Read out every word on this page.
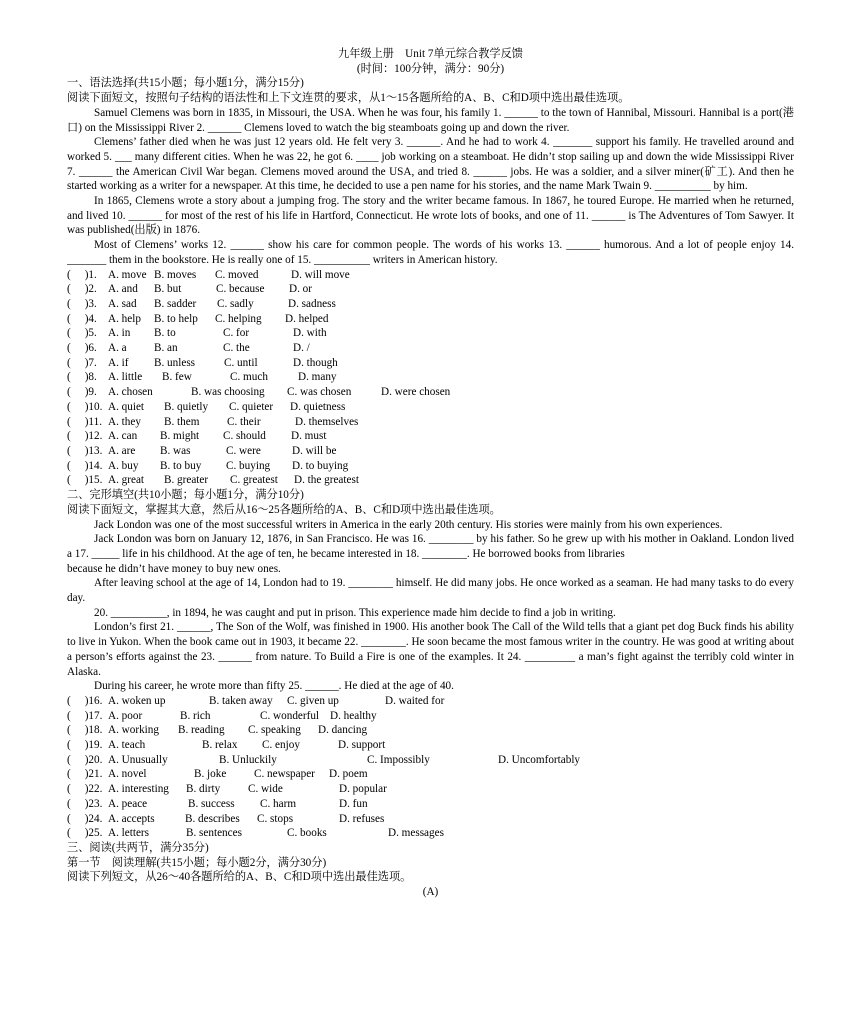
九年级上册　Unit 7单元综合教学反馈
(时间：100分钟，满分：90分)
一、语法选择(共15小题；每小题1分，满分15分)
阅读下面短文，按照句子结构的语法性和上下文连贯的要求，从1～15各题所给的A、B、C和D项中选出最佳选项。
Samuel Clemens was born in 1835, in Missouri, the USA. When he was four, his family 1. ______ to the town of Hannibal, Missouri. Hannibal is a port(港口) on the Mississippi River 2. ______ Clemens loved to watch the big steamboats going up and down the river.
Clemens’ father died when he was just 12 years old. He felt very 3. ______. And he had to work 4. _______ support his family. He travelled around and worked 5. ___ many different cities. When he was 22, he got 6. ____ job working on a steamboat. He didn’t stop sailing up and down the wide Mississippi River 7. ______ the American Civil War began. Clemens moved around the USA, and tried 8. ______ jobs. He was a soldier, and a silver miner(矿工). And then he started working as a writer for a newspaper. At this time, he decided to use a pen name for his stories, and the name Mark Twain 9. __________ by him.
In 1865, Clemens wrote a story about a jumping frog. The story and the writer became famous. In 1867, he toured Europe. He married when he returned, and lived 10. ______ for most of the rest of his life in Hartford, Connecticut. He wrote lots of books, and one of 11. ______ is The Adventures of Tom Sawyer. It was published(出版) in 1876.
Most of Clemens’ works 12. ______ show his care for common people. The words of his works 13. ______ humorous. And a lot of people enjoy 14. _______ them in the bookstore. He is really one of 15. __________ writers in American history.
(　 )1. A. move B. moves	C. moved	D. will move
(　 )2. A. and	B. but	C. because	D. or
(　 )3. A. sad	B. sadder	C. sadly	D. sadness
(　 )4. A. help	B. to help	C. helping	D. helped
(　 )5. A. in	B. to	C. for	D. with
(　 )6. A. a	B. an	C. the	D. /
(　 )7. A. if	B. unless	C. until	D. though
(　 )8. A. little	B. few	C. much	D. many
(　 )9. A. chosen	B. was choosing	C. was chosen	D. were chosen
(　 )10. A. quiet	B. quietly	C. quieter	D. quietness
(　 )11. A. they	B. them	C. their	D. themselves
(　 )12. A. can	B. might	C. should	D. must
(　 )13. A. are	B. was	C. were	D. will be
(　 )14. A. buy	B. to buy	C. buying	D. to buying
(　 )15. A. great	B. greater	C. greatest	D. the greatest
二、完形填空(共10小题；每小题1分，满分10分)
阅读下面短文，掌握其大意，然后从16～25各题所给的A、B、C和D项中选出最佳选项。
Jack London was one of the most successful writers in America in the early 20th century. His stories were mainly from his own experiences.
Jack London was born on January 12, 1876, in San Francisco. He was 16. ________ by his father. So he grew up with his mother in Oakland. London lived a 17. _____ life in his childhood. At the age of ten, he became interested in 18. ________. He borrowed books from libraries
because he didn’t have money to buy new ones.
After leaving school at the age of 14, London had to 19. ________ himself. He did many jobs. He once worked as a seaman. He had many tasks to do every day.
20. __________, in 1894, he was caught and put in prison. This experience made him decide to find a job in writing.
London’s first 21. ______, The Son of the Wolf, was finished in 1900. His another book The Call of the Wild tells that a giant pet dog Buck finds his ability to live in Yukon. When the book came out in 1903, it became 22. ________. He soon became the most famous writer in the country. He was good at writing about a person’s efforts against the 23. ______ from nature. To Build a Fire is one of the examples. It 24. _________ a man’s fight against the terribly cold winter in Alaska.
During his career, he wrote more than fifty 25. ______. He died at the age of 40.
(　 )16. A. woken up	B. taken away	C. given up	D. waited for
(　 )17. A. poor	B. rich	C. wonderful D. healthy
(　 )18. A. working	B. reading	C. speaking	D. dancing
(　 )19. A. teach	B. relax	C. enjoy	D. support
(　 )20. A. Unusually	B. Unluckily	C. Impossibly	D. Uncomfortably
(　 )21. A. novel	B. joke	C. newspaper	D. poem
(　 )22. A. interesting	B. dirty	C. wide	D. popular
(　 )23. A. peace	B. success	C. harm	D. fun
(　 )24. A. accepts	B. describes	C. stops	D. refuses
(　 )25. A. letters	B. sentences	C. books	D. messages
三、阅读(共两节，满分35分)
第一节　阅读理解(共15小题；每小题2分，满分30分)
阅读下列短文，从26～40各题所给的A、B、C和D项中选出最佳选项。
(A)
